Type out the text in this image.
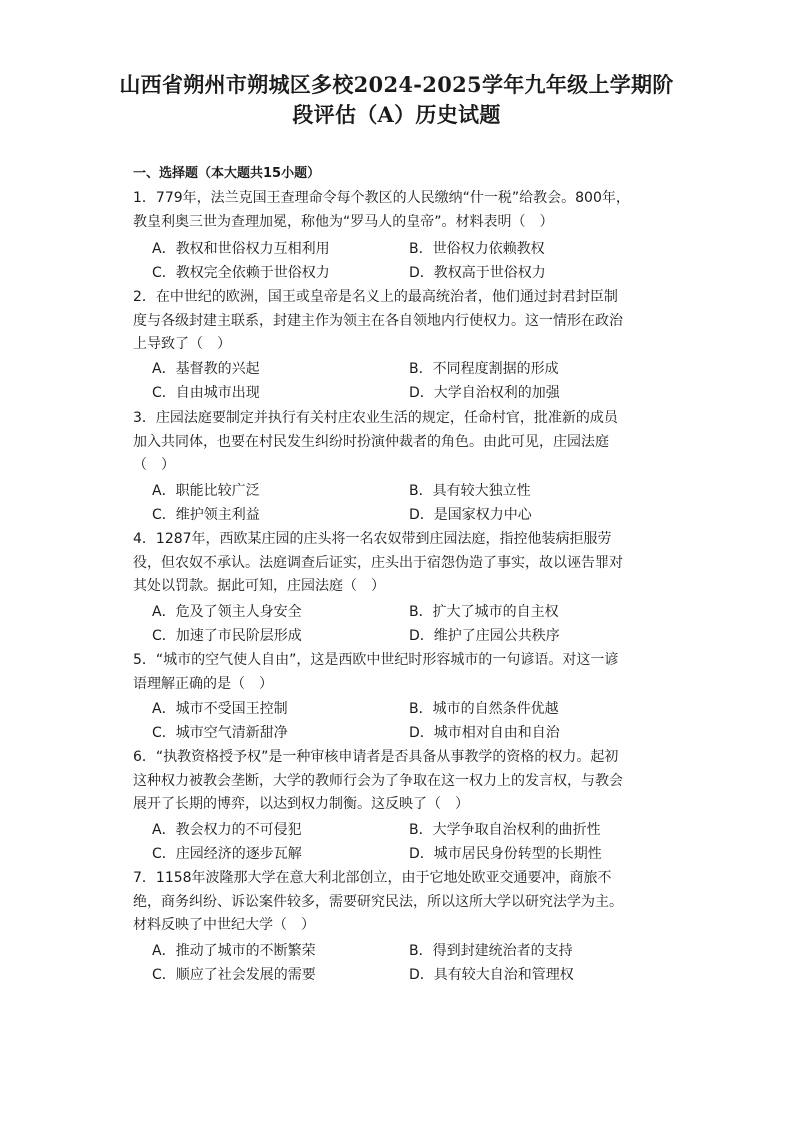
山西省朔州市朔城区多校2024-2025学年九年级上学期阶
段评估（A）历史试题
一、选择题（本大题共15小题）
1．779年，法兰克国王查理命令每个教区的人民缴纳“什一税”给教会。800年，
教皇利奥三世为查理加冕，称他为“罗马人的皇帝”。材料表明（　）
A．教权和世俗权力互相利用	B．世俗权力依赖教权
C．教权完全依赖于世俗权力	D．教权高于世俗权力
2．在中世纪的欧洲，国王或皇帝是名义上的最高统治者，他们通过封君封臣制
度与各级封建主联系，封建主作为领主在各自领地内行使权力。这一情形在政治
上导致了（　）
A．基督教的兴起	B．不同程度割据的形成
C．自由城市出现	D．大学自治权利的加强
3．庄园法庭要制定并执行有关村庄农业生活的规定，任命村官，批准新的成员
加入共同体，也要在村民发生纠纷时扮演仲裁者的角色。由此可见，庄园法庭
（　）
A．职能比较广泛	B．具有较大独立性
C．维护领主利益	D．是国家权力中心
4．1287年，西欧某庄园的庄头将一名农奴带到庄园法庭，指控他装病拒服劳
役，但农奴不承认。法庭调查后证实，庄头出于宿怨伪造了事实，故以诬告罪对
其处以罚款。据此可知，庄园法庭（　）
A．危及了领主人身安全	B．扩大了城市的自主权
C．加速了市民阶层形成	D．维护了庄园公共秩序
5．“城市的空气使人自由”，这是西欧中世纪时形容城市的一句谚语。对这一谚
语理解正确的是（　）
A．城市不受国王控制	B．城市的自然条件优越
C．城市空气清新甜净	D．城市相对自由和自治
6．“执教资格授予权”是一种审核申请者是否具备从事教学的资格的权力。起初
这种权力被教会垄断，大学的教师行会为了争取在这一权力上的发言权，与教会
展开了长期的博弈，以达到权力制衡。这反映了（　）
A．教会权力的不可侵犯	B．大学争取自治权利的曲折性
C．庄园经济的逐步瓦解	D．城市居民身份转型的长期性
7．1158年波隆那大学在意大利北部创立，由于它地处欧亚交通要冲，商旅不
绝，商务纠纷、诉讼案件较多，需要研究民法，所以这所大学以研究法学为主。
材料反映了中世纪大学（　）
A．推动了城市的不断繁荣	B．得到封建统治者的支持
C．顺应了社会发展的需要	D．具有较大自治和管理权
